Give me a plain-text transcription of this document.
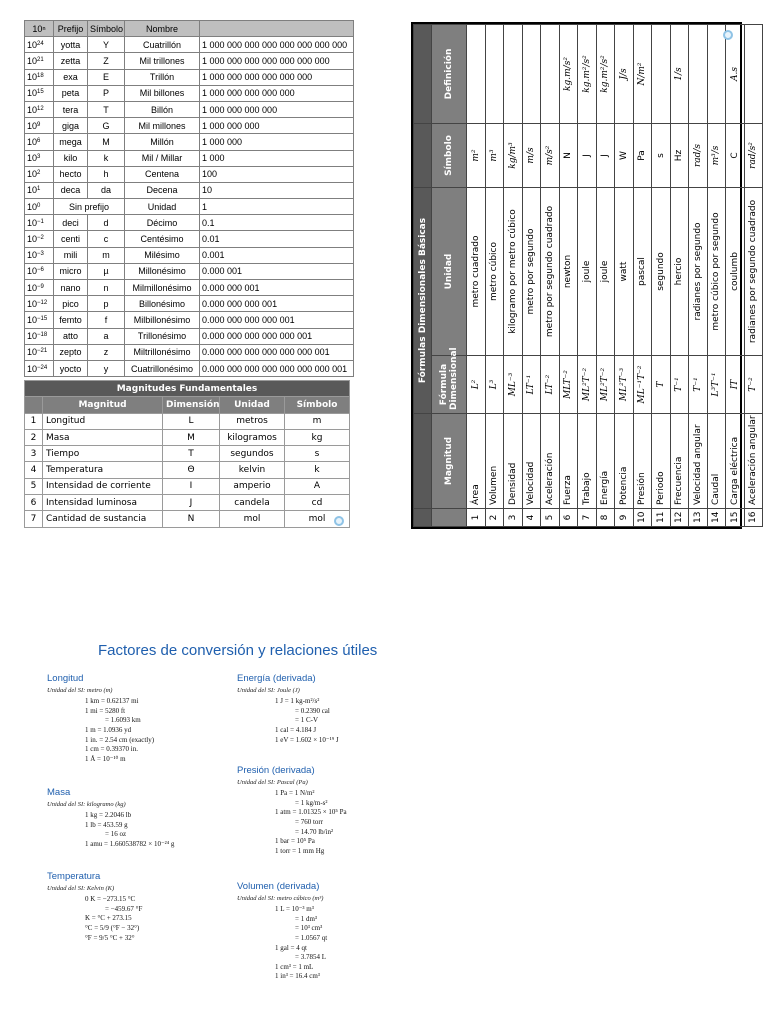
10ⁿ	Prefijo	Símbolo	Nombre	
$10^{24}$	yotta	Y	Cuatrillón	1 000 000 000 000 000 000 000 000
$10^{21}$	zetta	Z	Mil trillones	1 000 000 000 000 000 000 000
$10^{18}$	exa	E	Trillón	1 000 000 000 000 000 000
$10^{15}$	peta	P	Mil billones	1 000 000 000 000 000
$10^{12}$	tera	T	Billón	1 000 000 000 000
$10^9$	giga	G	Mil millones	1 000 000 000
$10^6$	mega	M	Millón	1 000 000
$10^3$	kilo	k	Mil / Millar	1 000
$10^2$	hecto	h	Centena	100
$10^1$	deca	da	Decena	10
$10^0$	Sin prefijo		Unidad	1
$10^{-1}$	deci	d	Décimo	0.1
$10^{-2}$	centi	c	Centésimo	0.01
$10^{-3}$	mili	m	Milésimo	0.001
$10^{-6}$	micro	µ	Millonésimo	0.000 001
$10^{-9}$	nano	n	Milmillonésimo	0.000 000 001
$10^{-12}$	pico	p	Billonésimo	0.000 000 000 001
$10^{-15}$	femto	f	Milbillonésimo	0.000 000 000 000 001
$10^{-18}$	atto	a	Trillonésimo	0.000 000 000 000 000 001
$10^{-21}$	zepto	z	Miltrillonésimo	0.000 000 000 000 000 000 001
$10^{-24}$	yocto	y	Cuatrillonésimo	0.000 000 000 000 000 000 000 001
Magnitudes Fundamentales				
	Magnitud	Dimensión	Unidad	Símbolo
1	Longitud	L	metros	m
2	Masa	M	kilogramos	kg
3	Tiempo	T	segundos	s
4	Temperatura	Θ	kelvin	k
5	Intensidad de corriente	I	amperio	A
6	Intensidad luminosa	J	candela	cd
7	Cantidad de sustancia	N	mol	mol
		Fórmulas Dimensionales Básicas			
	Magnitud	Fórmula Dimensional	Unidad	Símbolo	Definición
1	Área	L²	metro cuadrado	m²	
2	Volumen	L³	metro cúbico	m³	
3	Densidad	ML⁻³	kilogramo por metro cúbico	kg/m³	
4	Velocidad	LT⁻¹	metro por segundo	m/s	
5	Aceleración	LT⁻²	metro por segundo cuadrado	m/s²	
6	Fuerza	MLT⁻²	newton	N	kg.m/s²
7	Trabajo	ML²T⁻²	joule	J	kg.m²/s²
8	Energía	ML²T⁻²	joule	J	kg.m²/s²
9	Potencia	ML²T⁻³	watt	W	J/s
10	Presión	ML⁻¹T⁻²	pascal	Pa	N/m²
11	Periodo	T	segundo	s	
12	Frecuencia	T⁻¹	hercio	Hz	1/s
13	Velocidad angular	T⁻¹	radianes por segundo	rad/s	
14	Caudal	L³T⁻¹	metro cúbico por segundo	m³/s	
15	Carga eléctrica	IT	coulumb	C	A.s
16	Aceleración angular	T⁻²	radianes por segundo cuadrado	rad/s²	
Factores de conversión y relaciones útiles
Longitud
Unidad del SI: metro (m)
1 km = 0.62137 mi
1 mi = 5280 ft
= 1.6093 km
1 m = 1.0936 yd
1 in. = 2.54 cm (exactly)
1 cm = 0.39370 in.
1 Å = 10⁻¹⁰ m
Masa
Unidad del SI: kilogramo (kg)
1 kg = 2.2046 lb
1 lb = 453.59 g
= 16 oz
1 amu = 1.660538782 × 10⁻²⁴ g
Temperatura
Unidad del SI: Kelvin (K)
0 K = −273.15 °C
= −459.67 °F
K = °C + 273.15
°C = 5/9 (°F − 32°)
°F = 9/5 °C + 32°
Energía (derivada)
Unidad del SI: Joule (J)
1 J = 1 kg-m²/s²
= 0.2390 cal
= 1 C-V
1 cal = 4.184 J
1 eV = 1.602 × 10⁻¹⁹ J
Presión (derivada)
Unidad del SI: Pascal (Pa)
1 Pa = 1 N/m²
= 1 kg/m-s²
1 atm = 1.01325 × 10⁵ Pa
= 760 torr
= 14.70 lb/in²
1 bar = 10⁵ Pa
1 torr = 1 mm Hg
Volumen (derivada)
Unidad del SI: metro cúbico (m³)
1 L = 10⁻³ m³
= 1 dm³
= 10³ cm³
= 1.0567 qt
1 gal = 4 qt
= 3.7854 L
1 cm³ = 1 mL
1 in³ = 16.4 cm³
